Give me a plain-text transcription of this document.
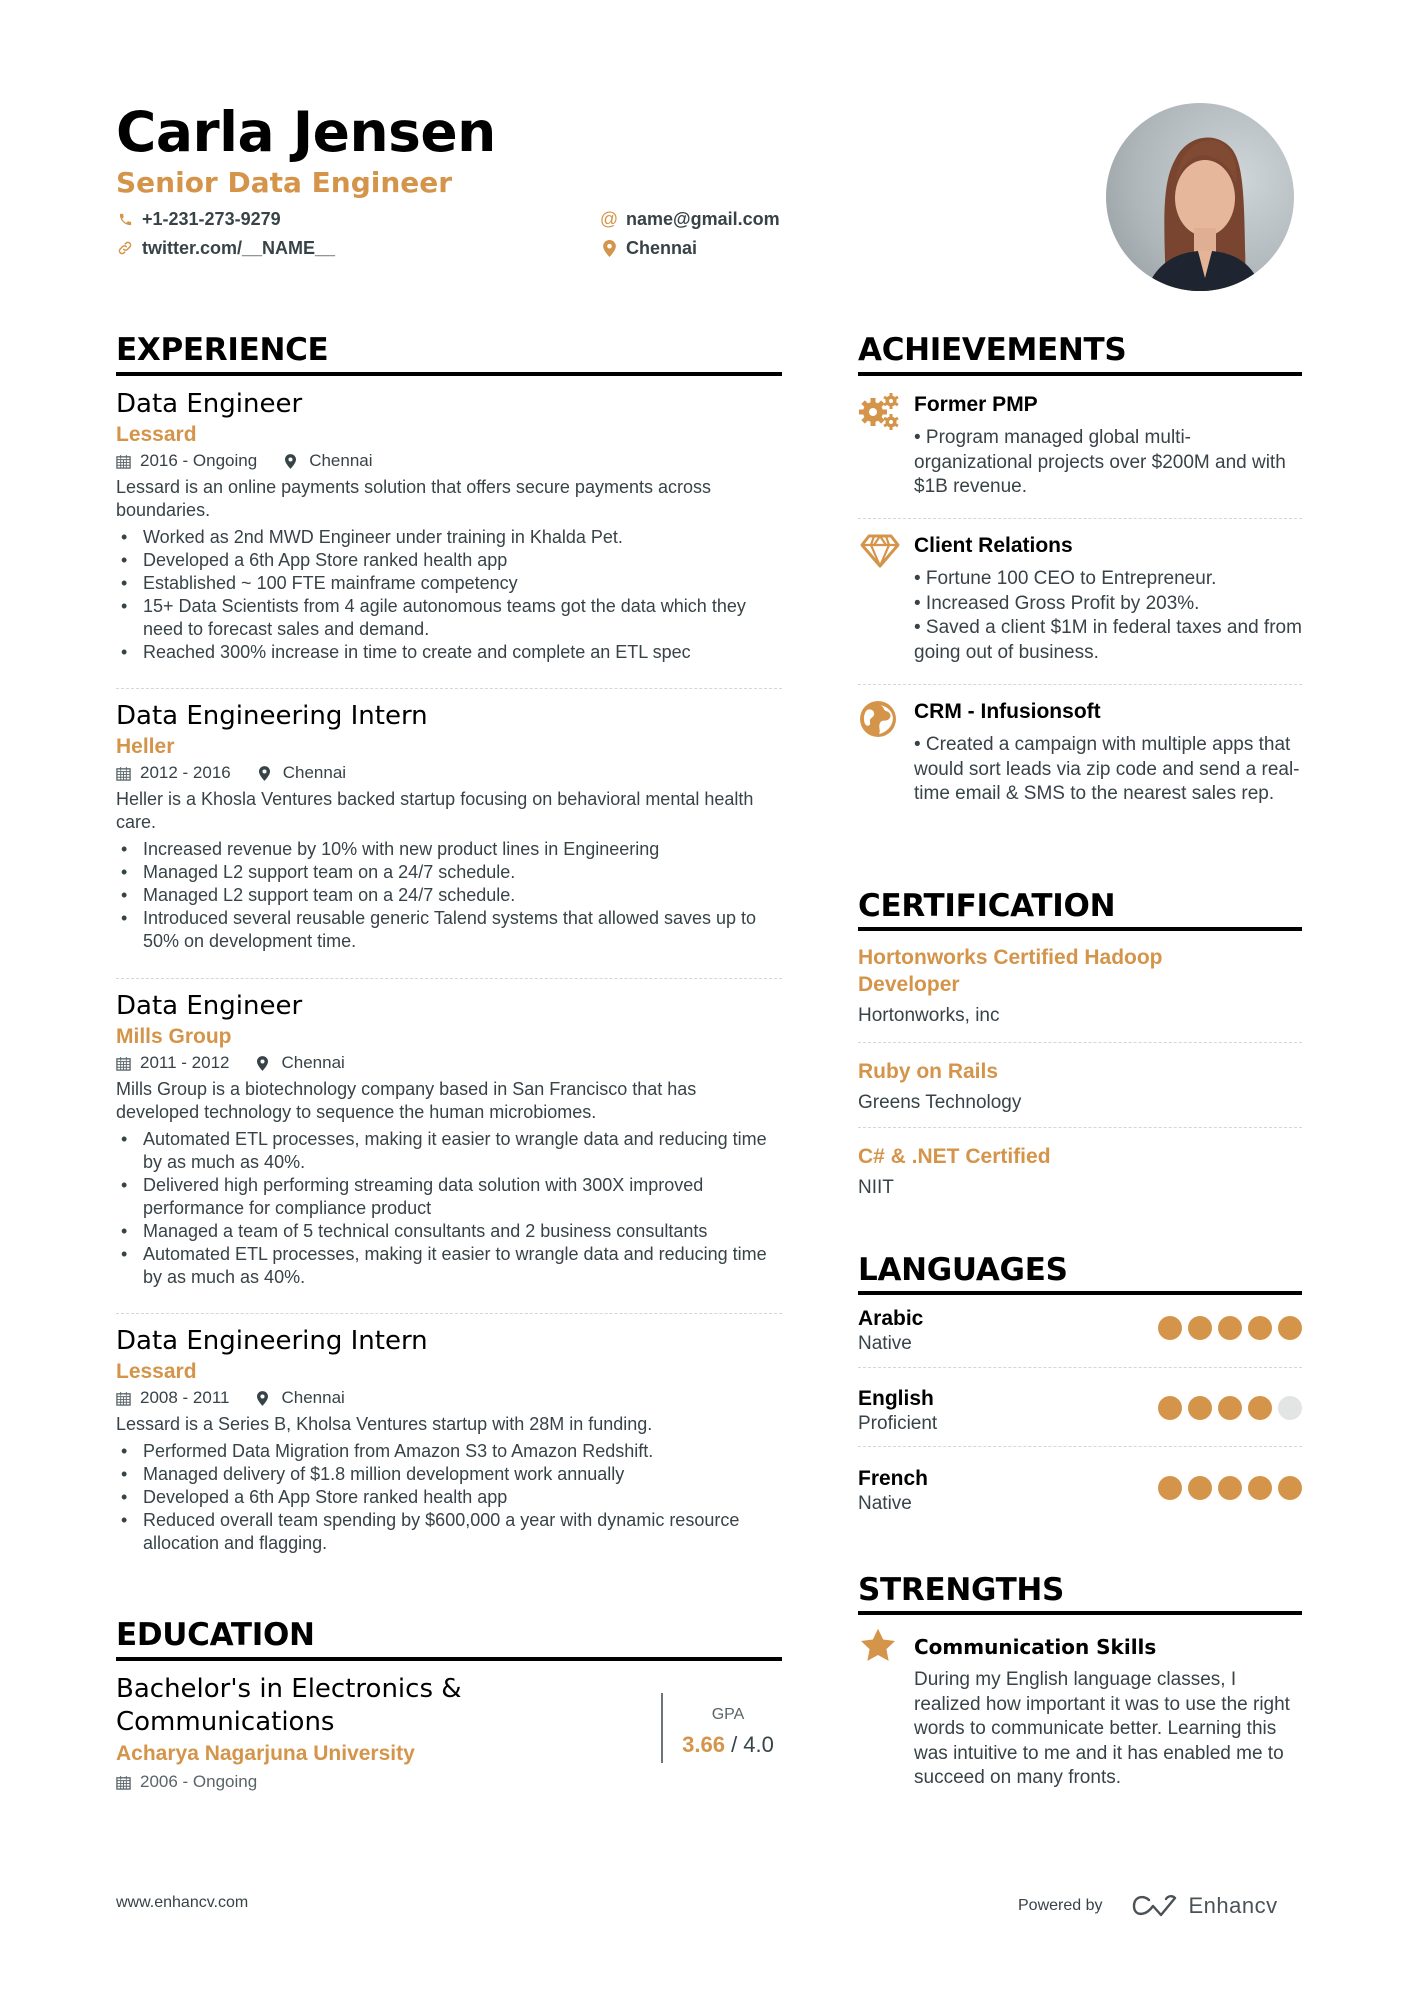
Carla Jensen
Senior Data Engineer
+1-231-273-9279
twitter.com/__NAME__
@ name@gmail.com
Chennai
EXPERIENCE
Data Engineer
Lessard
2016 - Ongoing	Chennai
Lessard is an online payments solution that offers secure payments across boundaries.
• Worked as 2nd MWD Engineer under training in Khalda Pet.
• Developed a 6th App Store ranked health app
• Established ~ 100 FTE mainframe competency
• 15+ Data Scientists from 4 agile autonomous teams got the data which they need to forecast sales and demand.
• Reached 300% increase in time to create and complete an ETL spec
Data Engineering Intern
Heller
2012 - 2016	Chennai
Heller is a Khosla Ventures backed startup focusing on behavioral mental health care.
• Increased revenue by 10% with new product lines in Engineering
• Managed L2 support team on a 24/7 schedule.
• Managed L2 support team on a 24/7 schedule.
• Introduced several reusable generic Talend systems that allowed saves up to 50% on development time.
Data Engineer
Mills Group
2011 - 2012	Chennai
Mills Group is a biotechnology company based in San Francisco that has developed technology to sequence the human microbiomes.
• Automated ETL processes, making it easier to wrangle data and reducing time by as much as 40%.
• Delivered high performing streaming data solution with 300X improved performance for compliance product
• Managed a team of 5 technical consultants and 2 business consultants
• Automated ETL processes, making it easier to wrangle data and reducing time by as much as 40%.
Data Engineering Intern
Lessard
2008 - 2011	Chennai
Lessard is a Series B, Kholsa Ventures startup with 28M in funding.
• Performed Data Migration from Amazon S3 to Amazon Redshift.
• Managed delivery of $1.8 million development work annually
• Developed a 6th App Store ranked health app
• Reduced overall team spending by $600,000 a year with dynamic resource allocation and flagging.
EDUCATION
Bachelor's in Electronics & Communications
Acharya Nagarjuna University
2006 - Ongoing
GPA
3.66 / 4.0
ACHIEVEMENTS
Former PMP
• Program managed global multi-organizational projects over $200M and with $1B revenue.
Client Relations
• Fortune 100 CEO to Entrepreneur.
• Increased Gross Profit by 203%.
• Saved a client $1M in federal taxes and from going out of business.
CRM - Infusionsoft
• Created a campaign with multiple apps that would sort leads via zip code and send a real-time email & SMS to the nearest sales rep.
CERTIFICATION
Hortonworks Certified Hadoop Developer
Hortonworks, inc
Ruby on Rails
Greens Technology
C# & .NET Certified
NIIT
LANGUAGES
Arabic
Native
English
Proficient
French
Native
STRENGTHS
Communication Skills
During my English language classes, I realized how important it was to use the right words to communicate better. Learning this was intuitive to me and it has enabled me to succeed on many fronts.
www.enhancv.com	Powered by	Enhancv
